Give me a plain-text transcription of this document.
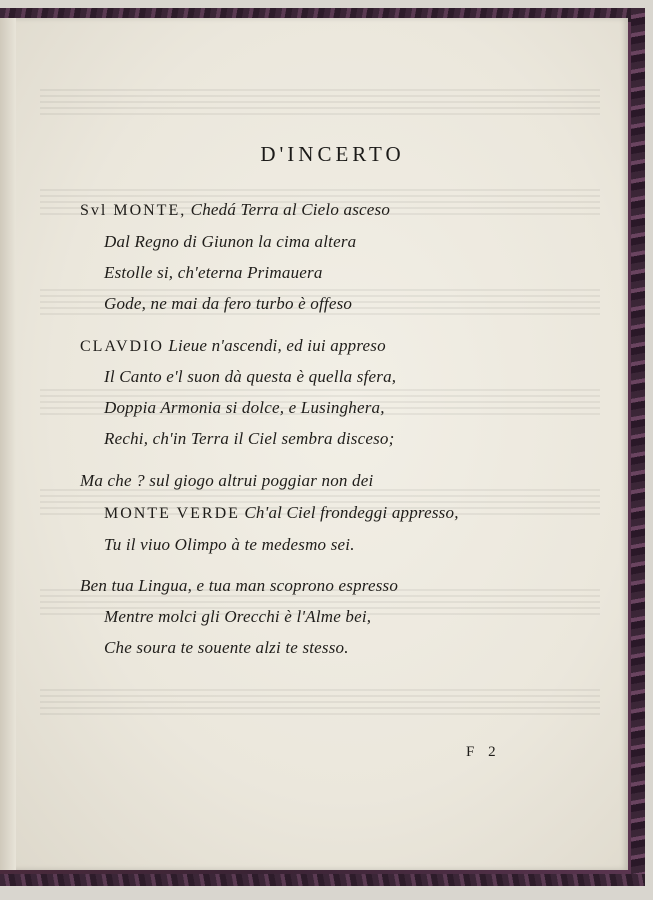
D'INCERTO
Svl MONTE, Chedá Terra al Cielo asceso
Dal Regno di Giunon la cima altera
Estolle si, ch'eterna Primauera
Gode, ne mai da fero turbo è offeso
CLAVDIO Lieue n'ascendi, ed iui appreso
Il Canto e'l suon dà questa è quella sfera,
Doppia Armonia si dolce, e Lusinghera,
Rechi, ch'in Terra il Ciel sembra disceso;
Ma che ? sul giogo altrui poggiar non dei
MONTE VERDE Ch'al Ciel frondeggi appresso,
Tu il viuo Olimpo à te medesmo sei.
Ben tua Lingua, e tua man scoprono espresso
Mentre molci gli Orecchi è l'Alme bei,
Che soura te souente alzi te stesso.
F 2
